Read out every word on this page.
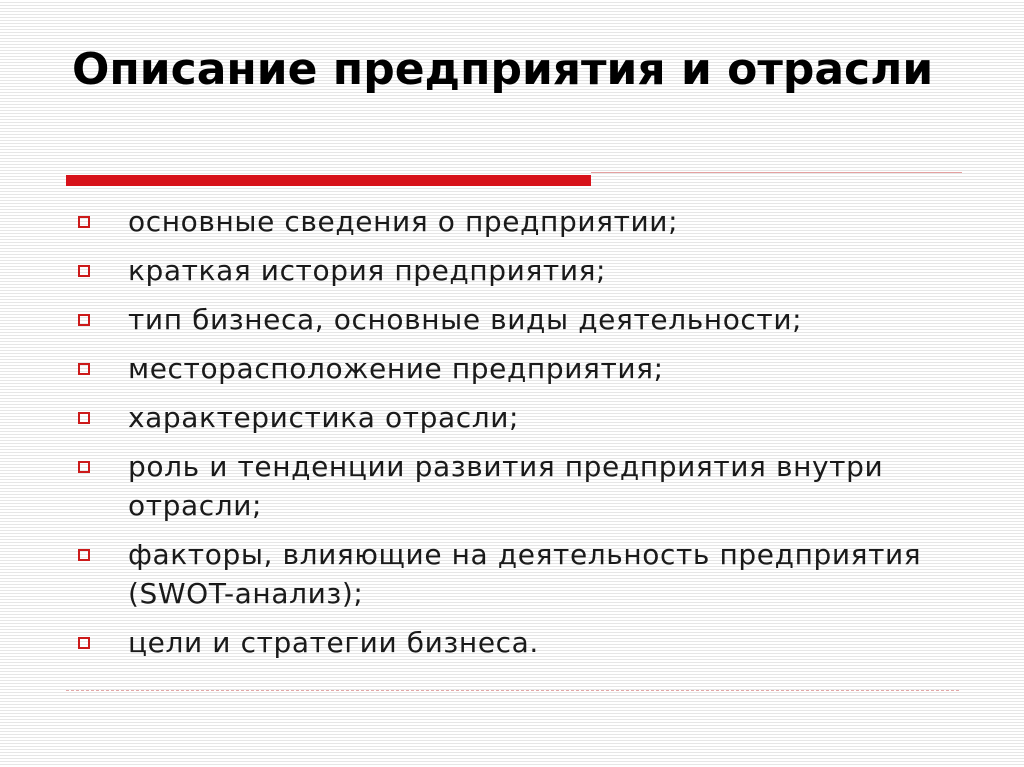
Описание предприятия и отрасли
основные сведения о предприятии;
краткая история предприятия;
тип бизнеса, основные виды деятельности;
месторасположение предприятия;
характеристика отрасли;
роль и тенденции развития предприятия внутри отрасли;
факторы, влияющие на деятельность предприятия (SWOT-анализ);
цели и стратегии бизнеса.
